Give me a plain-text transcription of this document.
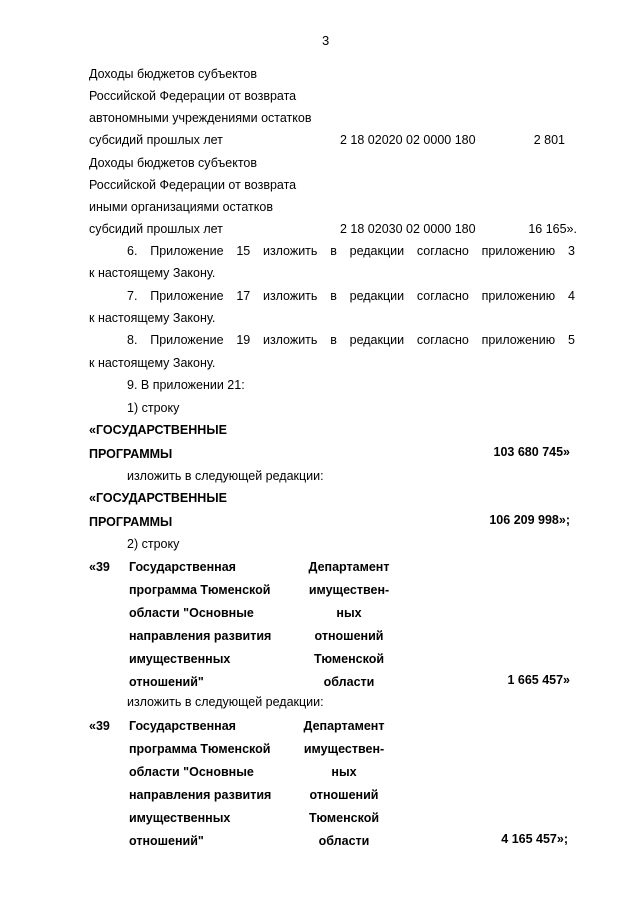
3
Доходы бюджетов субъектов
Российской Федерации от возврата
автономными учреждениями остатков
субсидий прошлых лет	2 18 02020 02 0000 180	2 801
Доходы бюджетов субъектов
Российской Федерации от возврата
иными организациями остатков
субсидий прошлых лет	2 18 02030 02 0000 180	16 165».
6. Приложение 15 изложить в редакции согласно приложению 3
к настоящему Закону.
7. Приложение 17 изложить в редакции согласно приложению 4
к настоящему Закону.
8. Приложение 19 изложить в редакции согласно приложению 5
к настоящему Закону.
9. В приложении 21:
1) строку
«ГОСУДАРСТВЕННЫЕ
ПРОГРАММЫ	103 680 745»
изложить в следующей редакции:
«ГОСУДАРСТВЕННЫЕ
ПРОГРАММЫ	106 209 998»;
2) строку
«39 Государственная
программа Тюменской
области "Основные
направления развития
имущественных
отношений"
Департамент
имуществен-
ных
отношений
Тюменской
области	1 665 457»
изложить в следующей редакции:
«39 Государственная
программа Тюменской
области "Основные
направления развития
имущественных
отношений"
Департамент
имуществен-
ных
отношений
Тюменской
области	4 165 457»;
